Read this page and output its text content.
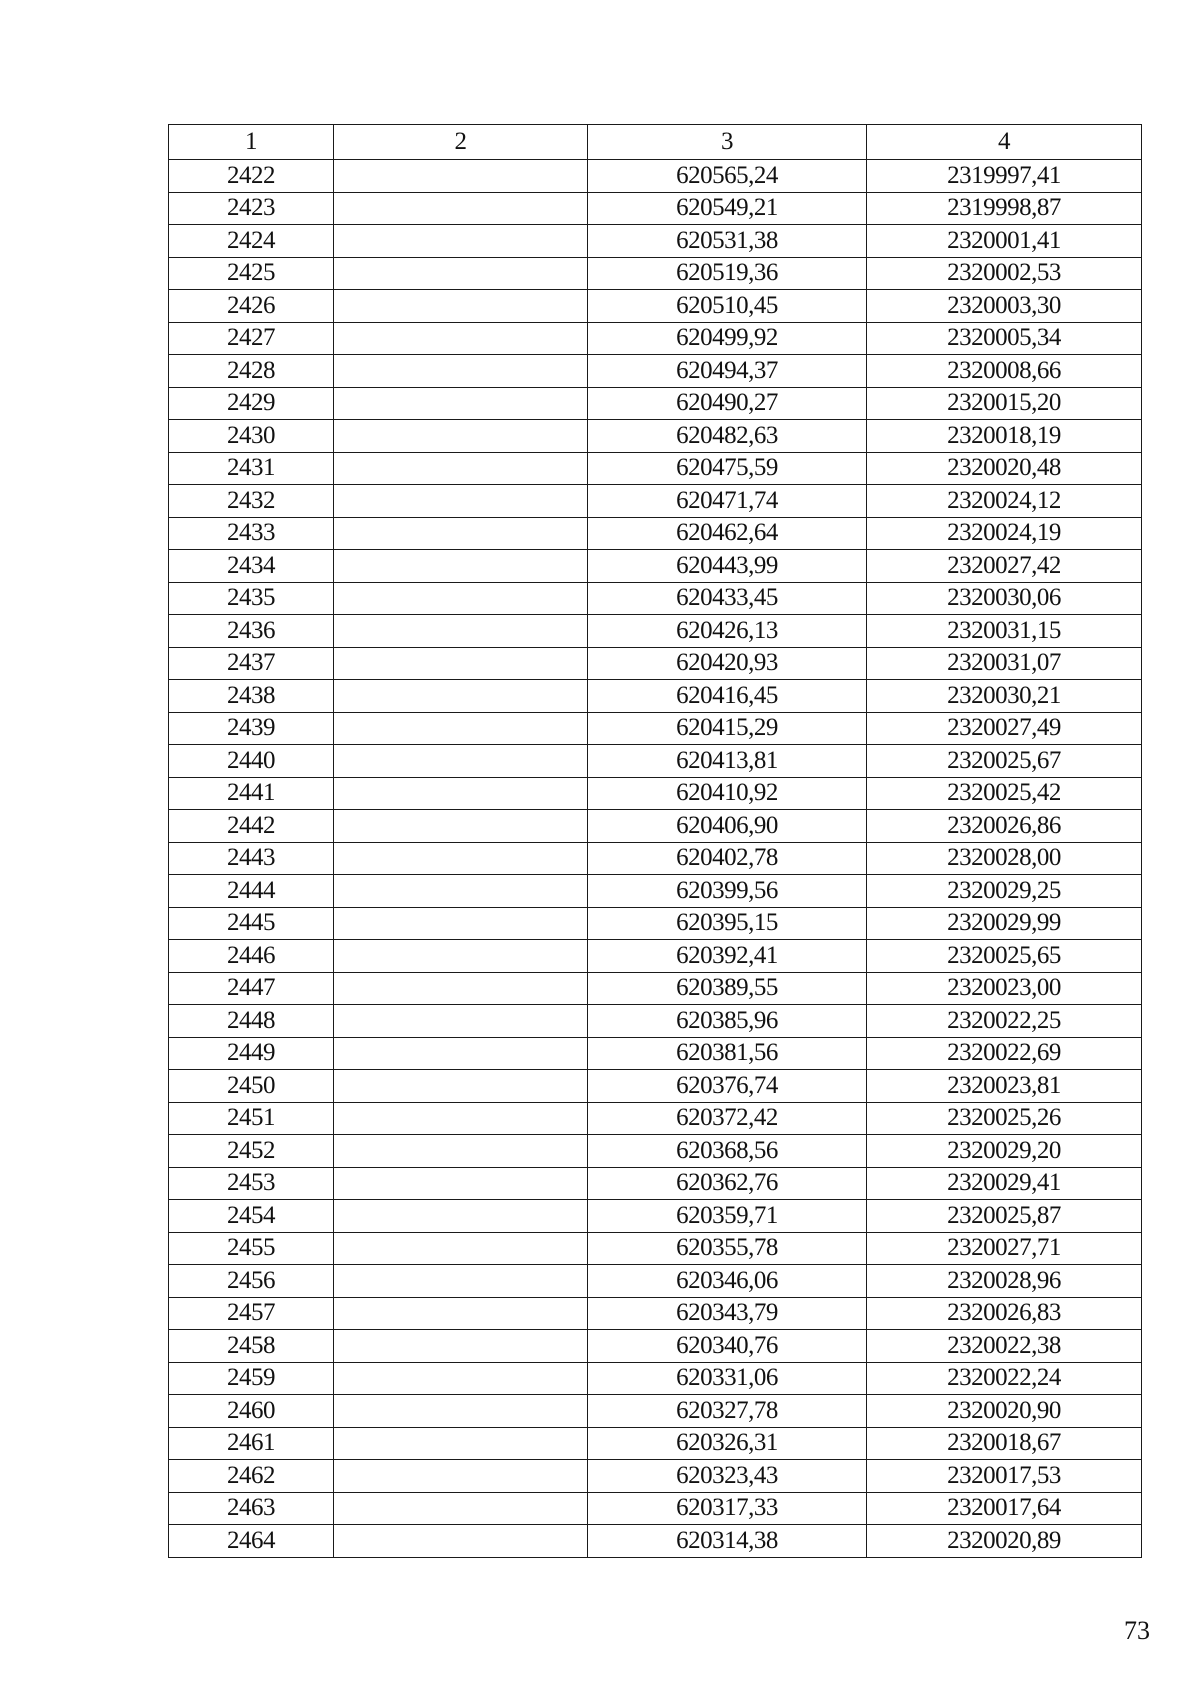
1	2	3	4
2422		620565,24	2319997,41
2423		620549,21	2319998,87
2424		620531,38	2320001,41
2425		620519,36	2320002,53
2426		620510,45	2320003,30
2427		620499,92	2320005,34
2428		620494,37	2320008,66
2429		620490,27	2320015,20
2430		620482,63	2320018,19
2431		620475,59	2320020,48
2432		620471,74	2320024,12
2433		620462,64	2320024,19
2434		620443,99	2320027,42
2435		620433,45	2320030,06
2436		620426,13	2320031,15
2437		620420,93	2320031,07
2438		620416,45	2320030,21
2439		620415,29	2320027,49
2440		620413,81	2320025,67
2441		620410,92	2320025,42
2442		620406,90	2320026,86
2443		620402,78	2320028,00
2444		620399,56	2320029,25
2445		620395,15	2320029,99
2446		620392,41	2320025,65
2447		620389,55	2320023,00
2448		620385,96	2320022,25
2449		620381,56	2320022,69
2450		620376,74	2320023,81
2451		620372,42	2320025,26
2452		620368,56	2320029,20
2453		620362,76	2320029,41
2454		620359,71	2320025,87
2455		620355,78	2320027,71
2456		620346,06	2320028,96
2457		620343,79	2320026,83
2458		620340,76	2320022,38
2459		620331,06	2320022,24
2460		620327,78	2320020,90
2461		620326,31	2320018,67
2462		620323,43	2320017,53
2463		620317,33	2320017,64
2464		620314,38	2320020,89
73
